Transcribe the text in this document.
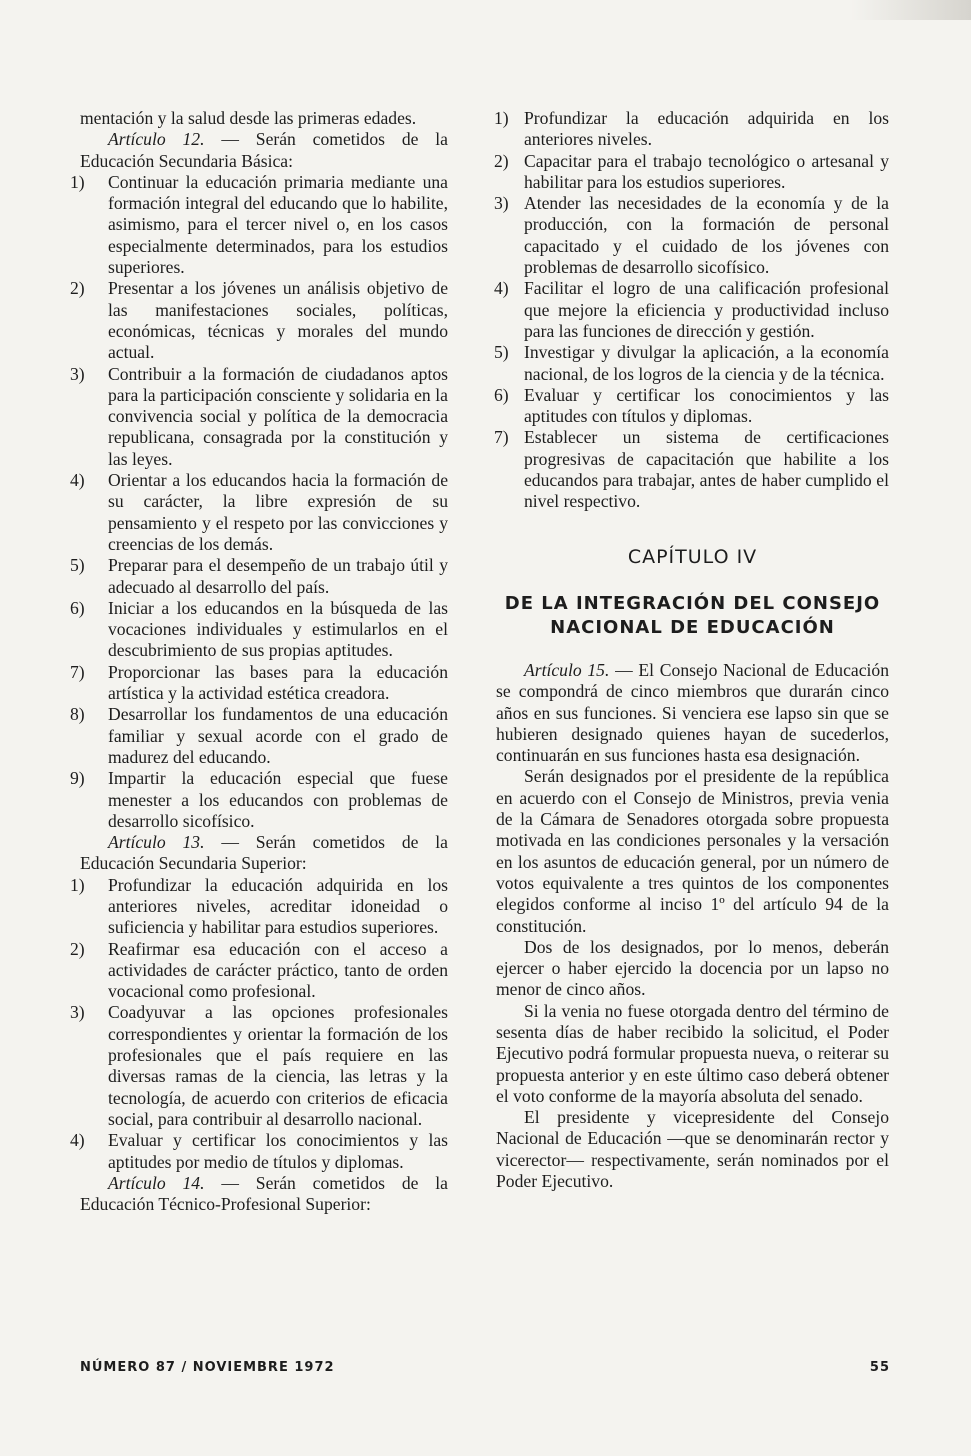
mentación y la salud desde las primeras edades.

Artículo 12. — Serán cometidos de la Educación Secundaria Básica:

1)	Continuar la educación primaria mediante una formación integral del educando que lo habilite, asimismo, para el tercer nivel o, en los casos especialmente determinados, para los estudios superiores.

2)	Presentar a los jóvenes un análisis objetivo de las manifestaciones sociales, políticas, económicas, técnicas y morales del mundo actual.

3)	Contribuir a la formación de ciudadanos aptos para la participación consciente y solidaria en la convivencia social y política de la democracia republicana, consagrada por la constitución y las leyes.

4)	Orientar a los educandos hacia la formación de su carácter, la libre expresión de su pensamiento y el respeto por las convicciones y creencias de los demás.

5)	Preparar para el desempeño de un trabajo útil y adecuado al desarrollo del país.

6)	Iniciar a los educandos en la búsqueda de las vocaciones individuales y estimularlos en el descubrimiento de sus propias aptitudes.

7)	Proporcionar las bases para la educación artística y la actividad estética creadora.

8)	Desarrollar los fundamentos de una educación familiar y sexual acorde con el grado de madurez del educando.

9)	Impartir la educación especial que fuese menester a los educandos con problemas de desarrollo sicofísico.

Artículo 13. — Serán cometidos de la Educación Secundaria Superior:

1)	Profundizar la educación adquirida en los anteriores niveles, acreditar idoneidad o suficiencia y habilitar para estudios superiores.

2)	Reafirmar esa educación con el acceso a actividades de carácter práctico, tanto de orden vocacional como profesional.

3)	Coadyuvar a las opciones profesionales correspondientes y orientar la formación de los profesionales que el país requiere en las diversas ramas de la ciencia, las letras y la tecnología, de acuerdo con criterios de eficacia social, para contribuir al desarrollo nacional.

4)	Evaluar y certificar los conocimientos y las aptitudes por medio de títulos y diplomas.

Artículo 14. — Serán cometidos de la Educación Técnico-Profesional Superior:

1) Profundizar la educación adquirida en los anteriores niveles.

2) Capacitar para el trabajo tecnológico o artesanal y habilitar para los estudios superiores.

3) Atender las necesidades de la economía y de la producción, con la formación de personal capacitado y el cuidado de los jóvenes con problemas de desarrollo sicofísico.

4) Facilitar el logro de una calificación profesional que mejore la eficiencia y productividad incluso para las funciones de dirección y gestión.

5) Investigar y divulgar la aplicación, a la economía nacional, de los logros de la ciencia y de la técnica.

6) Evaluar y certificar los conocimientos y las aptitudes con títulos y diplomas.

7) Establecer un sistema de certificaciones progresivas de capacitación que habilite a los educandos para trabajar, antes de haber cumplido el nivel respectivo.

CAPÍTULO IV

DE LA INTEGRACIÓN DEL CONSEJO
NACIONAL DE EDUCACIÓN

Artículo 15. — El Consejo Nacional de Educación se compondrá de cinco miembros que durarán cinco años en sus funciones. Si venciera ese lapso sin que se hubieren designado quienes hayan de sucederlos, continuarán en sus funciones hasta esa designación.

Serán designados por el presidente de la república en acuerdo con el Consejo de Ministros, previa venia de la Cámara de Senadores otorgada sobre propuesta motivada en las condiciones personales y la versación en los asuntos de educación general, por un número de votos equivalente a tres quintos de los componentes elegidos conforme al inciso 1º del artículo 94 de la constitución.

Dos de los designados, por lo menos, deberán ejercer o haber ejercido la docencia por un lapso no menor de cinco años.

Si la venia no fuese otorgada dentro del término de sesenta días de haber recibido la solicitud, el Poder Ejecutivo podrá formular propuesta nueva, o reiterar su propuesta anterior y en este último caso deberá obtener el voto conforme de la mayoría absoluta del senado.

El presidente y vicepresidente del Consejo Nacional de Educación —que se denominarán rector y vicerector— respectivamente, serán nominados por el Poder Ejecutivo.

NÚMERO 87 / NOVIEMBRE 1972	55
